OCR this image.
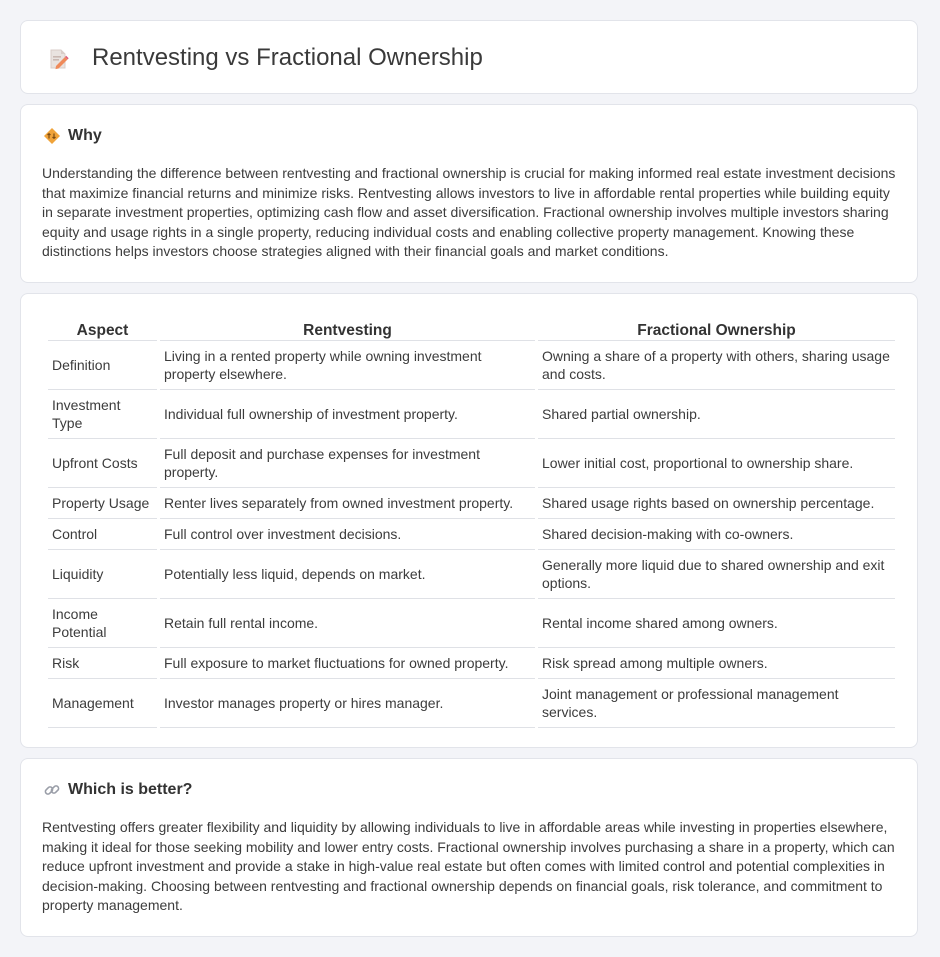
Rentvesting vs Fractional Ownership
Why

Understanding the difference between rentvesting and fractional ownership is crucial for making informed real estate investment decisions that maximize financial returns and minimize risks. Rentvesting allows investors to live in affordable rental properties while building equity in separate investment properties, optimizing cash flow and asset diversification. Fractional ownership involves multiple investors sharing equity and usage rights in a single property, reducing individual costs and enabling collective property management. Knowing these distinctions helps investors choose strategies aligned with their financial goals and market conditions.

Aspect	Rentvesting	Fractional Ownership
Definition	Living in a rented property while owning investment property elsewhere.	Owning a share of a property with others, sharing usage and costs.
Investment Type	Individual full ownership of investment property.	Shared partial ownership.
Upfront Costs	Full deposit and purchase expenses for investment property.	Lower initial cost, proportional to ownership share.
Property Usage	Renter lives separately from owned investment property.	Shared usage rights based on ownership percentage.
Control	Full control over investment decisions.	Shared decision-making with co-owners.
Liquidity	Potentially less liquid, depends on market.	Generally more liquid due to shared ownership and exit options.
Income Potential	Retain full rental income.	Rental income shared among owners.
Risk	Full exposure to market fluctuations for owned property.	Risk spread among multiple owners.
Management	Investor manages property or hires manager.	Joint management or professional management services.
Which is better?

Rentvesting offers greater flexibility and liquidity by allowing individuals to live in affordable areas while investing in properties elsewhere, making it ideal for those seeking mobility and lower entry costs. Fractional ownership involves purchasing a share in a property, which can reduce upfront investment and provide a stake in high-value real estate but often comes with limited control and potential complexities in decision-making. Choosing between rentvesting and fractional ownership depends on financial goals, risk tolerance, and commitment to property management.
